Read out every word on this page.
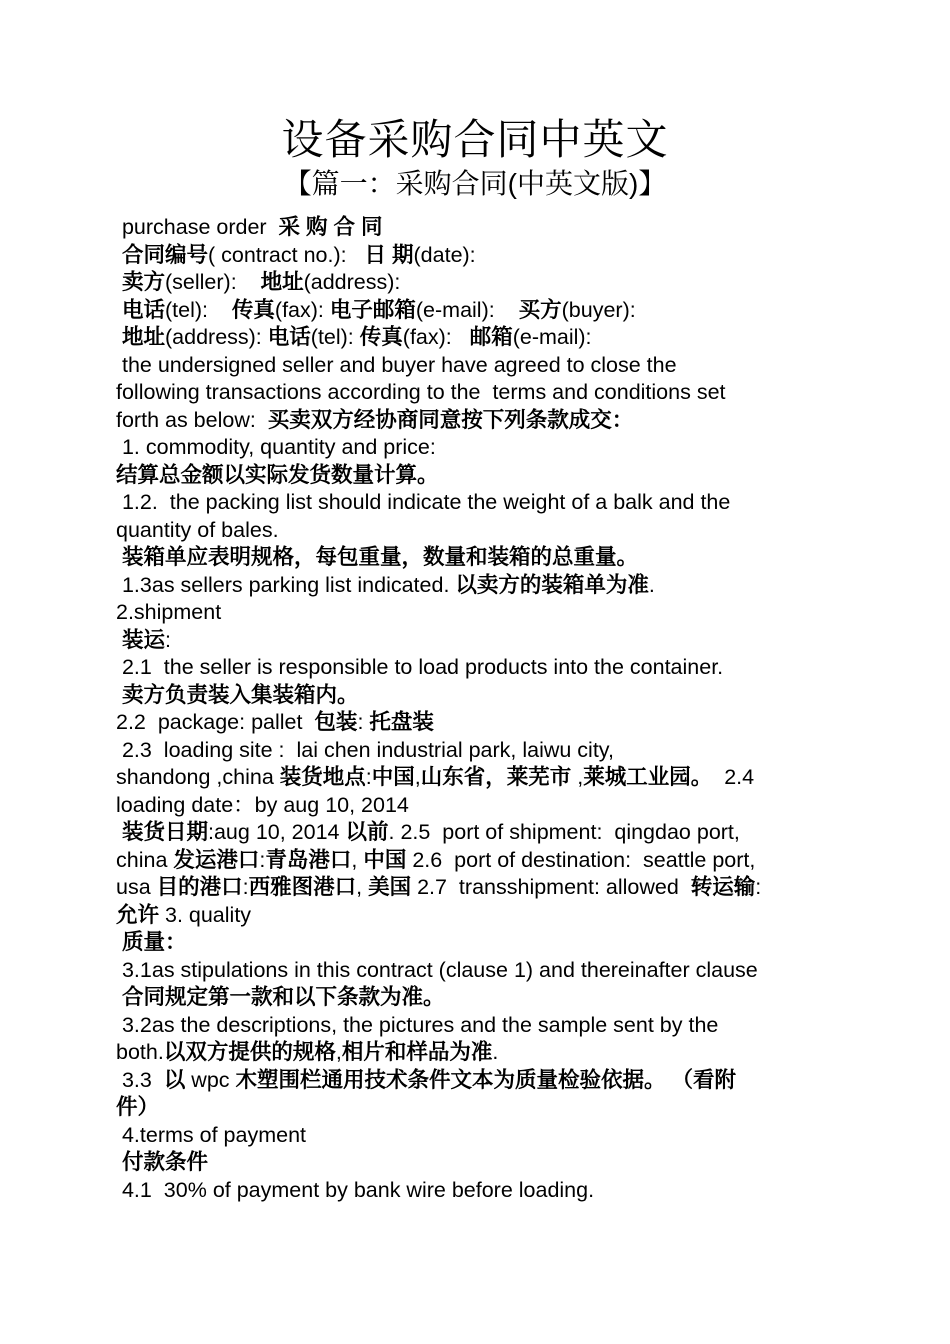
设备采购合同中英文
【篇一：采购合同(中英文版)】
purchase order  采 购 合 同
合同编号( contract no.):   日 期(date):
卖方(seller):    地址(address):
电话(tel):    传真(fax): 电子邮箱(e-mail):    买方(buyer):
地址(address): 电话(tel): 传真(fax):   邮箱(e-mail):
the undersigned seller and buyer have agreed to close the
following transactions according to the  terms and conditions set
forth as below:  买卖双方经协商同意按下列条款成交：
1. commodity, quantity and price:
结算总金额以实际发货数量计算。
1.2.  the packing list should indicate the weight of a balk and the
quantity of bales.
装箱单应表明规格，每包重量，数量和装箱的总重量。
1.3as sellers parking list indicated. 以卖方的装箱单为准.
2.shipment
装运:
2.1  the seller is responsible to load products into the container.
卖方负责装入集装箱内。
2.2  package: pallet  包装: 托盘装
2.3  loading site :  lai chen industrial park, laiwu city,
shandong ,china 装货地点:中国,山东省，莱芜市 ,莱城工业园。  2.4
loading date：by aug 10, 2014
装货日期:aug 10, 2014 以前. 2.5  port of shipment:  qingdao port,
china 发运港口:青岛港口, 中国 2.6  port of destination:  seattle port,
usa 目的港口:西雅图港口, 美国 2.7  transshipment: allowed  转运输:
允许 3. quality
质量：
3.1as stipulations in this contract (clause 1) and thereinafter clause
合同规定第一款和以下条款为准。
3.2as the descriptions, the pictures and the sample sent by the
both.以双方提供的规格,相片和样品为准.
3.3  以 wpc 木塑围栏通用技术条件文本为质量检验依据。 （看附
件）
4.terms of payment
付款条件
4.1  30% of payment by bank wire before loading.
